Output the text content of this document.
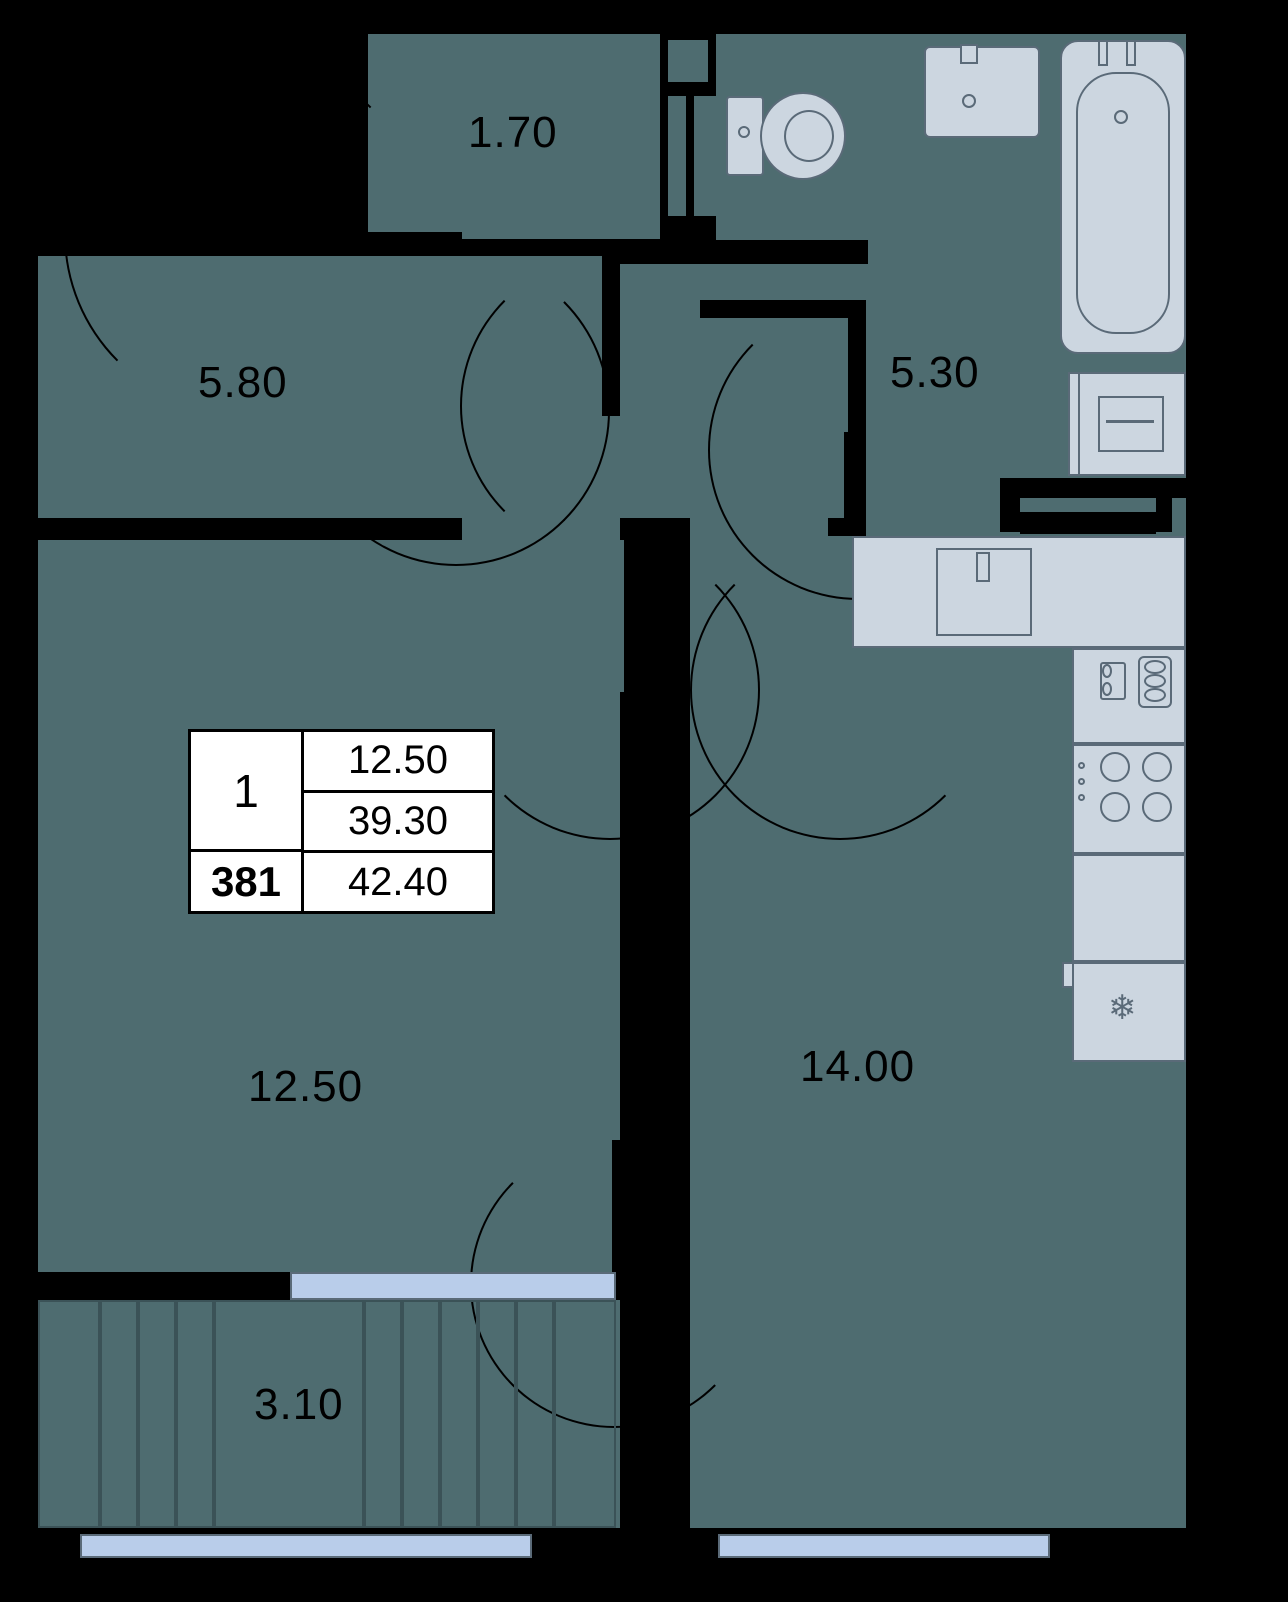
❄
1.70
5.80	5.30
12.50	14.00
3.10
1
381
12.50
39.30
42.40
